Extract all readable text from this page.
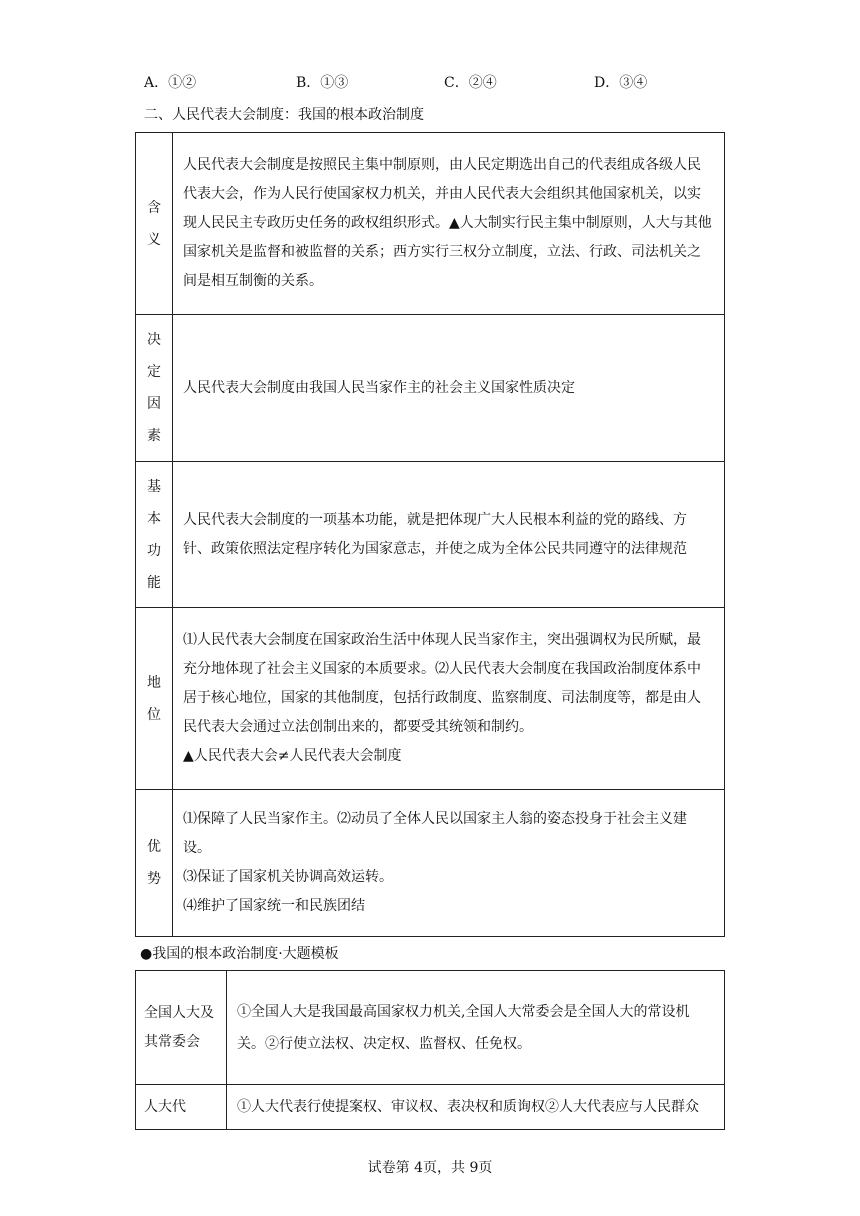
A．①②	B．①③	C．②④	D．③④
二、人民代表大会制度：我国的根本政治制度
含义	人民代表大会制度是按照民主集中制原则，由人民定期选出自己的代表组成各级人民代表大会，作为人民行使国家权力机关，并由人民代表大会组织其他国家机关，以实现人民民主专政历史任务的政权组织形式。▲人大制实行民主集中制原则，人大与其他国家机关是监督和被监督的关系；西方实行三权分立制度，立法、行政、司法机关之间是相互制衡的关系。
决定因素	人民代表大会制度由我国人民当家作主的社会主义国家性质决定
基本功能	人民代表大会制度的一项基本功能，就是把体现广大人民根本利益的党的路线、方针、政策依照法定程序转化为国家意志，并使之成为全体公民共同遵守的法律规范
地位	⑴人民代表大会制度在国家政治生活中体现人民当家作主，突出强调权为民所赋，最充分地体现了社会主义国家的本质要求。⑵人民代表大会制度在我国政治制度体系中居于核心地位，国家的其他制度，包括行政制度、监察制度、司法制度等，都是由人民代表大会通过立法创制出来的，都要受其统领和制约。
▲人民代表大会≠人民代表大会制度

优势	⑴保障了人民当家作主。⑵动员了全体人民以国家主人翁的姿态投身于社会主义建设。
⑶保证了国家机关协调高效运转。
⑷维护了国家统一和民族团结
●我国的根本政治制度·大题模板
全国人大及其常委会	①全国人大是我国最高国家权力机关,全国人大常委会是全国人大的常设机关。②行使立法权、决定权、监督权、任免权。
人大代	①人大代表行使提案权、审议权、表决权和质询权②人大代表应与人民群众
试卷第 4页，共 9页
